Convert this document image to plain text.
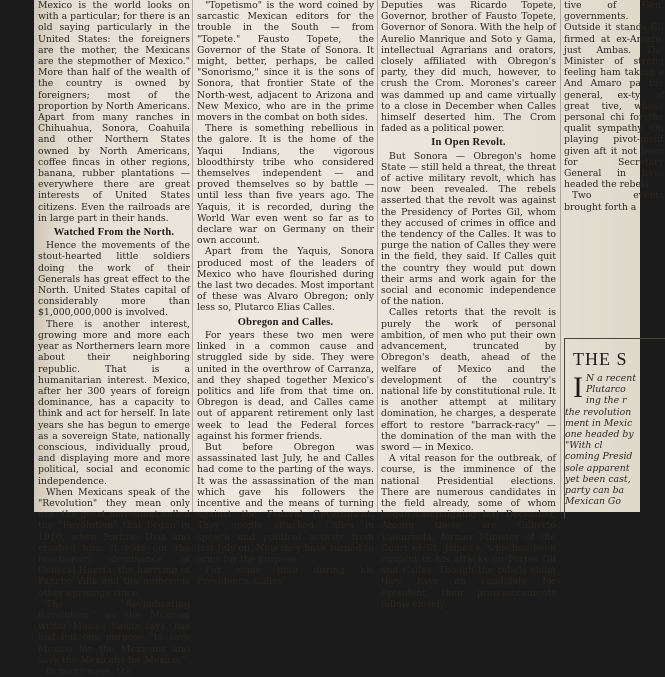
Mexico is the world looks on with a particular; for there is an old saying particularly in the United States: the foreigners are the mother, the Mexicans are the stepmother of Mexico." More than half of the wealth of the country is owned by foreigners; most of the proportion by North Americans. Apart from many ranches in Chihuahua, Sonora, Coahuila and other Northern States owned by North Americans, coffee fincas in other regions, banana, rubber plantations — everywhere there are great interests of United States citizens. Even the railroads are in large part in their hands.

Watched From the North.

Hence the movements of the stout-hearted little soldiers doing the work of their Generals has great effect to the North. United States capital of considerably more than $1,000,000,000 is involved.

There is another interest, growing more and more each year as Northerners learn more about their neighboring republic. That is a humanitarian interest. Mexico, after her 300 years of foreign dominance, has a capacity to think and act for herself. In late years she has begun to emerge as a sovereign State, nationally conscious, individually proud, and displaying more and more political, social and economic independence.

When Mexicans speak of the "Revolution" they mean only one, the great movement called the "Revolution" that began in 1910, when Porfirio Diaz and crushed him. It rode out the reactionary dominance of General Huerta, the harrying of Pancho Villa and the numerous other uprisings since.

The "Revindicating Revolution," as the Mexican writer Moises Saenz says, has had but one purpose "to save Mexico for the Mexicans and save the Mexicans for Mexico."

In many ways, the

"Topetismo" is the word coined by sarcastic Mexican editors for the trouble in the South — from "Topete." Fausto Topete, the Governor of the State of Sonora. It might, better, perhaps, be called "Sonorismo," since it is the sons of Sonora, that frontier State of the North-west, adjacent to Arizona and New Mexico, who are in the prime movers in the combat on both sides.

There is something rebellious in the galore. It is the home of the Yaqui Indians, the vigorous bloodthirsty tribe who considered themselves independent — and proved themselves so by battle — until less than five years ago. The Yaquis, it is recorded, during the World War even went so far as to declare war on Germany on their own account.

Apart from the Yaquis, Sonora produced most of the leaders of Mexico who have flourished during the last two decades. Most important of these was Alvaro Obregon; only less so, Plutarco Elias Calles.

Obregon and Calles.

For years these two men were linked in a common cause and struggled side by side. They were united in the overthrow of Carranza, and they shaped together Mexico's politics and life from that time on. Obregon is dead, and Calles came out of apparent retirement only last week to lead the Federal forces against his former friends.

But before Obregon was assassinated last July, he and Calles had come to the parting of the ways. It was the assassination of the man which gave his followers the incentive and the means of turning against the Federal Government. They openly attacked Calles in speech and political activity from last July on. Now they have turned to arms for the purpose.

For some time during his Presidency, Calles

Deputies was Ricardo Topete, Governor, brother of Fausto Topete, Governor of Sonora. With the help of Aurelio Manrique and Soto y Gama, intellectual Agrarians and orators, closely affiliated with Obregon's party, they did much, however, to crush the Crom. Morones's career was dammed up and came virtually to a close in December when Calles himself deserted him. The Crom faded as a political power.

In Open Revolt.

But Sonora — Obregon's home State — still held a threat, the threat of active military revolt, which has now been revealed. The rebels asserted that the revolt was against the Presidency of Portes Gil, whom they accused of crimes in office and the tendency of the Calles. It was to purge the nation of Calles they were in the field, they said. If Calles quit the country they would put down their arms and work again for the social and economic independence of the nation.

Calles retorts that the revolt is purely the work of personal ambition, of men who put their own advancement, truncated by Obregon's death, ahead of the welfare of Mexico and the development of the country's national life by constitutional rule. It is another attempt at military domination, he charges, a desperate effort to restore "barrack-racy" — the domination of the man with the sword — in Mexico.

A vital reason for the outbreak, of course, is the imminence of the national Presidential elections. There are numerous candidates in the field already, some of whom began campaigning last December. Among these are Gilberto Valenzuela, former Minister of the Court of St. James's, who has been virulent in his attacks on Portes Gil and Calles. Though the rebels claim they have no candidate for President, their pronouncements follow closely

tive of Gen. governments. Outside it stands Gil firmed at ex-Amaro, just Ambas. The Minister of strong feeling ham taking a And Amaro pa the general, ex-ty of great tive, whose personal chi for the qualit sympathy. On playing pivot-ment given aft it not been for Secretary General in have headed the rebels.

Two events brought forth a

THE S
I N a recent
Plutarco
ing the r
the revolution
ment in Mexic
one headed by
"With cl
coming Presid
sole apparent
yet been cast,
party can ba
Mexican Go
